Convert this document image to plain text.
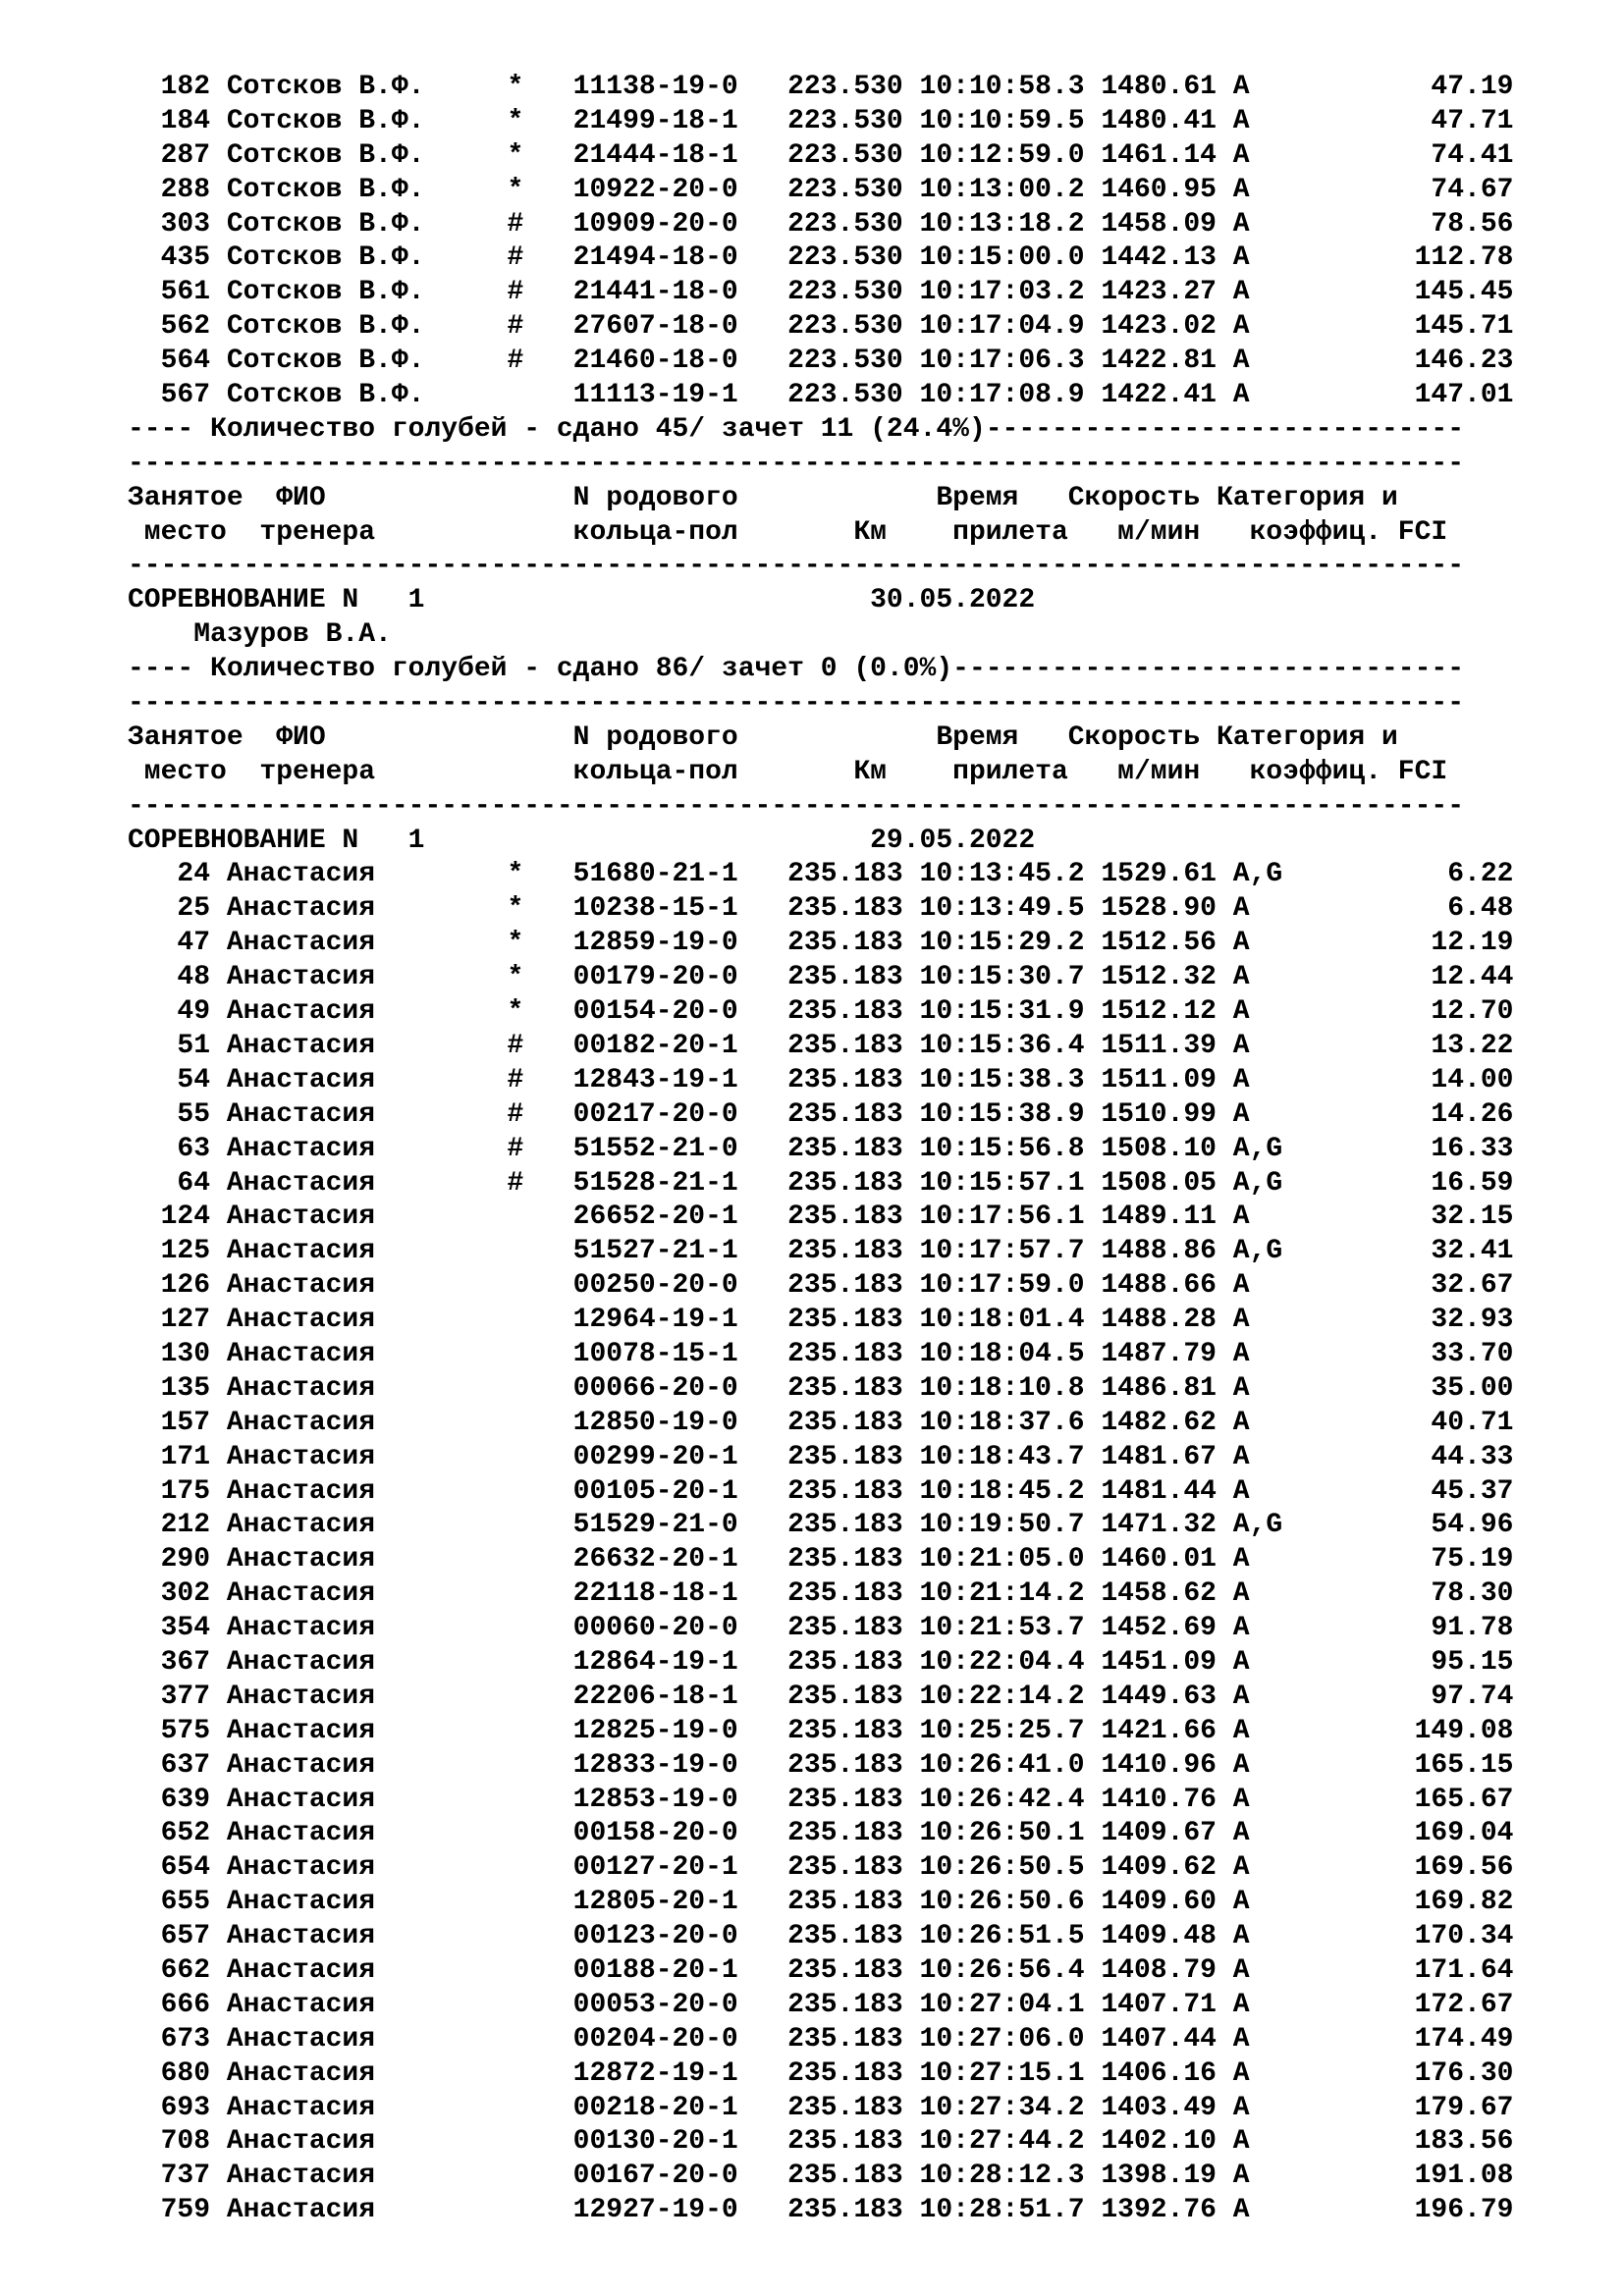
182 Сотсков В.Ф.     *   11138-19-0   223.530 10:10:58.3 1480.61 A           47.19
184 Сотсков В.Ф.     *   21499-18-1   223.530 10:10:59.5 1480.41 A           47.71
287 Сотсков В.Ф.     *   21444-18-1   223.530 10:12:59.0 1461.14 A           74.41
288 Сотсков В.Ф.     *   10922-20-0   223.530 10:13:00.2 1460.95 A           74.67
303 Сотсков В.Ф.     #   10909-20-0   223.530 10:13:18.2 1458.09 A           78.56
435 Сотсков В.Ф.     #   21494-18-0   223.530 10:15:00.0 1442.13 A          112.78
561 Сотсков В.Ф.     #   21441-18-0   223.530 10:17:03.2 1423.27 A          145.45
562 Сотсков В.Ф.     #   27607-18-0   223.530 10:17:04.9 1423.02 A          145.71
564 Сотсков В.Ф.     #   21460-18-0   223.530 10:17:06.3 1422.81 A          146.23
567 Сотсков В.Ф.         11113-19-1   223.530 10:17:08.9 1422.41 A          147.01
---- Количество голубей - сдано 45/ зачет 11 (24.4%)-----------------------------
---------------------------------------------------------------------------------
Занятое  ФИО               N родового            Время   Скорость Категория и
место  тренера            кольца-пол       Км    прилета   м/мин   коэффиц. FCI
---------------------------------------------------------------------------------
СОРЕВНОВАНИЕ N   1                           30.05.2022
Мазуров В.А.
---- Количество голубей - сдано 86/ зачет 0 (0.0%)-------------------------------
---------------------------------------------------------------------------------
Занятое  ФИО               N родового            Время   Скорость Категория и
место  тренера            кольца-пол       Км    прилета   м/мин   коэффиц. FCI
---------------------------------------------------------------------------------
СОРЕВНОВАНИЕ N   1                           29.05.2022
24 Анастасия        *   51680-21-1   235.183 10:13:45.2 1529.61 A,G          6.22
25 Анастасия        *   10238-15-1   235.183 10:13:49.5 1528.90 A            6.48
47 Анастасия        *   12859-19-0   235.183 10:15:29.2 1512.56 A           12.19
48 Анастасия        *   00179-20-0   235.183 10:15:30.7 1512.32 A           12.44
49 Анастасия        *   00154-20-0   235.183 10:15:31.9 1512.12 A           12.70
51 Анастасия        #   00182-20-1   235.183 10:15:36.4 1511.39 A           13.22
54 Анастасия        #   12843-19-1   235.183 10:15:38.3 1511.09 A           14.00
55 Анастасия        #   00217-20-0   235.183 10:15:38.9 1510.99 A           14.26
63 Анастасия        #   51552-21-0   235.183 10:15:56.8 1508.10 A,G         16.33
64 Анастасия        #   51528-21-1   235.183 10:15:57.1 1508.05 A,G         16.59
124 Анастасия            26652-20-1   235.183 10:17:56.1 1489.11 A           32.15
125 Анастасия            51527-21-1   235.183 10:17:57.7 1488.86 A,G         32.41
126 Анастасия            00250-20-0   235.183 10:17:59.0 1488.66 A           32.67
127 Анастасия            12964-19-1   235.183 10:18:01.4 1488.28 A           32.93
130 Анастасия            10078-15-1   235.183 10:18:04.5 1487.79 A           33.70
135 Анастасия            00066-20-0   235.183 10:18:10.8 1486.81 A           35.00
157 Анастасия            12850-19-0   235.183 10:18:37.6 1482.62 A           40.71
171 Анастасия            00299-20-1   235.183 10:18:43.7 1481.67 A           44.33
175 Анастасия            00105-20-1   235.183 10:18:45.2 1481.44 A           45.37
212 Анастасия            51529-21-0   235.183 10:19:50.7 1471.32 A,G         54.96
290 Анастасия            26632-20-1   235.183 10:21:05.0 1460.01 A           75.19
302 Анастасия            22118-18-1   235.183 10:21:14.2 1458.62 A           78.30
354 Анастасия            00060-20-0   235.183 10:21:53.7 1452.69 A           91.78
367 Анастасия            12864-19-1   235.183 10:22:04.4 1451.09 A           95.15
377 Анастасия            22206-18-1   235.183 10:22:14.2 1449.63 A           97.74
575 Анастасия            12825-19-0   235.183 10:25:25.7 1421.66 A          149.08
637 Анастасия            12833-19-0   235.183 10:26:41.0 1410.96 A          165.15
639 Анастасия            12853-19-0   235.183 10:26:42.4 1410.76 A          165.67
652 Анастасия            00158-20-0   235.183 10:26:50.1 1409.67 A          169.04
654 Анастасия            00127-20-1   235.183 10:26:50.5 1409.62 A          169.56
655 Анастасия            12805-20-1   235.183 10:26:50.6 1409.60 A          169.82
657 Анастасия            00123-20-0   235.183 10:26:51.5 1409.48 A          170.34
662 Анастасия            00188-20-1   235.183 10:26:56.4 1408.79 A          171.64
666 Анастасия            00053-20-0   235.183 10:27:04.1 1407.71 A          172.67
673 Анастасия            00204-20-0   235.183 10:27:06.0 1407.44 A          174.49
680 Анастасия            12872-19-1   235.183 10:27:15.1 1406.16 A          176.30
693 Анастасия            00218-20-1   235.183 10:27:34.2 1403.49 A          179.67
708 Анастасия            00130-20-1   235.183 10:27:44.2 1402.10 A          183.56
737 Анастасия            00167-20-0   235.183 10:28:12.3 1398.19 A          191.08
759 Анастасия            12927-19-0   235.183 10:28:51.7 1392.76 A          196.79
